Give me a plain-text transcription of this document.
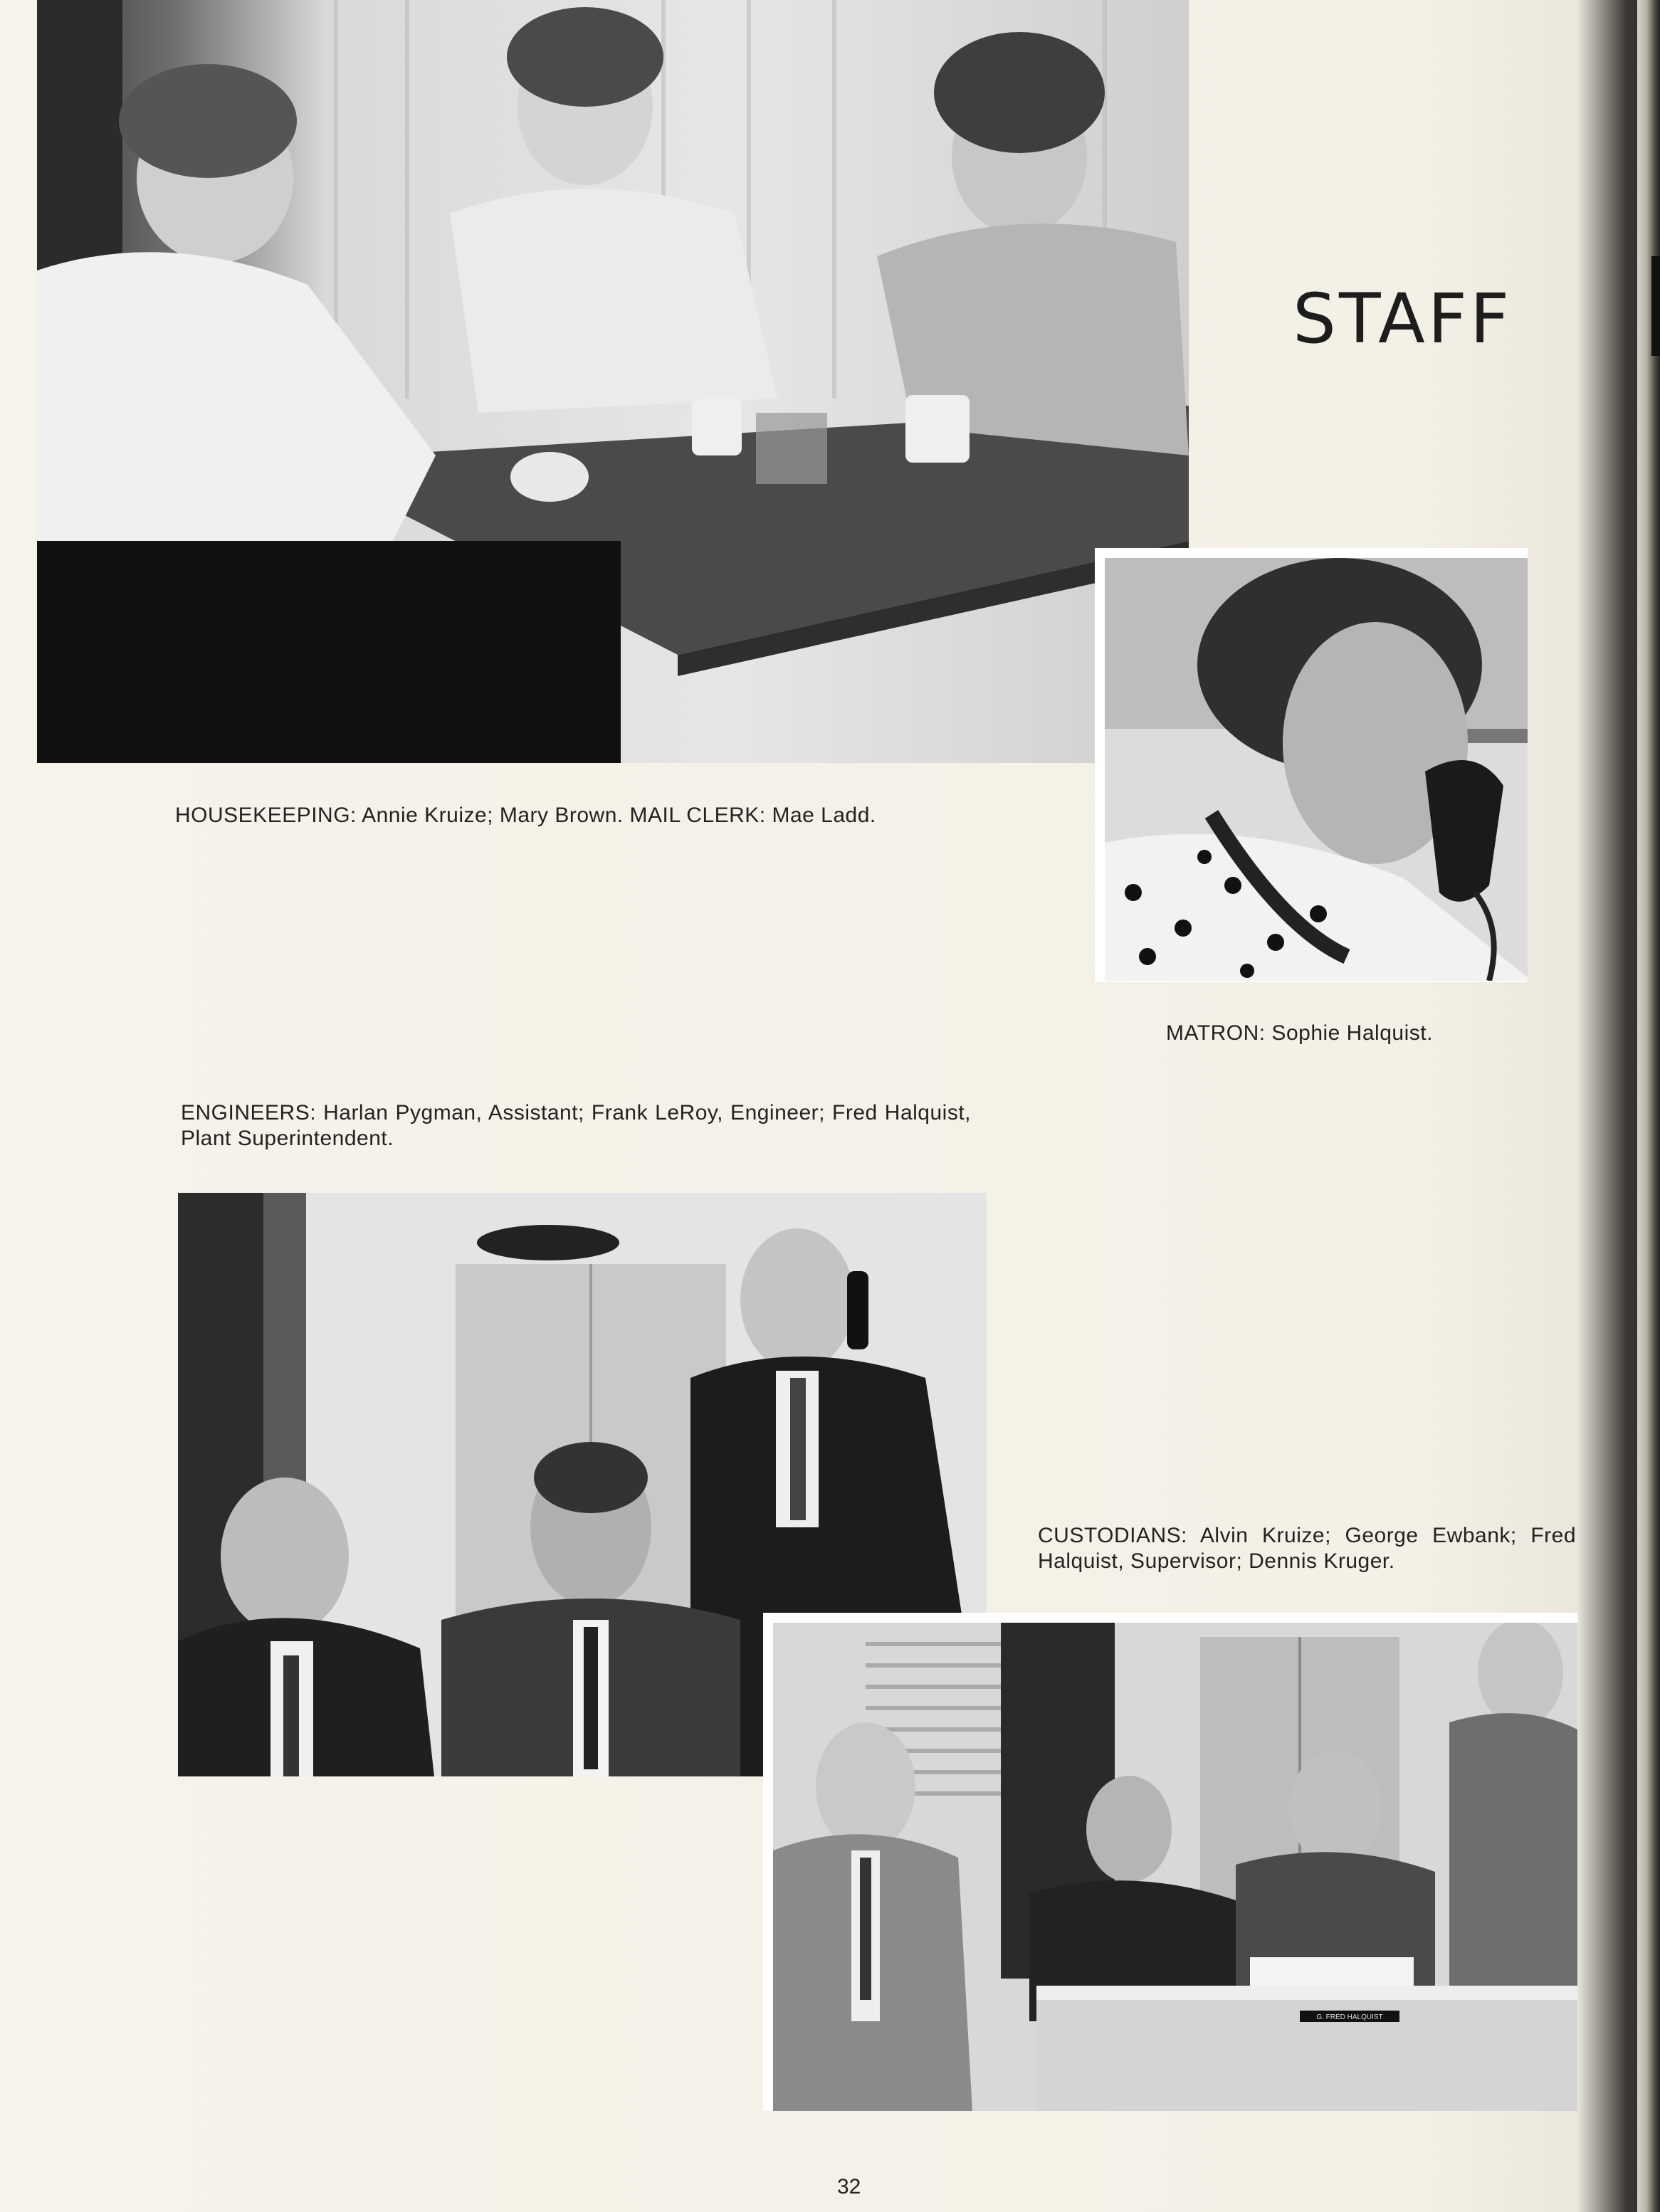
STAFF
HOUSEKEEPING: Annie Kruize; Mary Brown. MAIL CLERK: Mae Ladd.
MATRON: Sophie Halquist.
ENGINEERS: Harlan Pygman, Assistant; Frank LeRoy, Engineer; Fred Halquist, Plant Superintendent.
CUSTODIANS: Alvin Kruize; George Ewbank; Fred Halquist, Supervisor; Dennis Kruger.
G. FRED HALQUIST
32
